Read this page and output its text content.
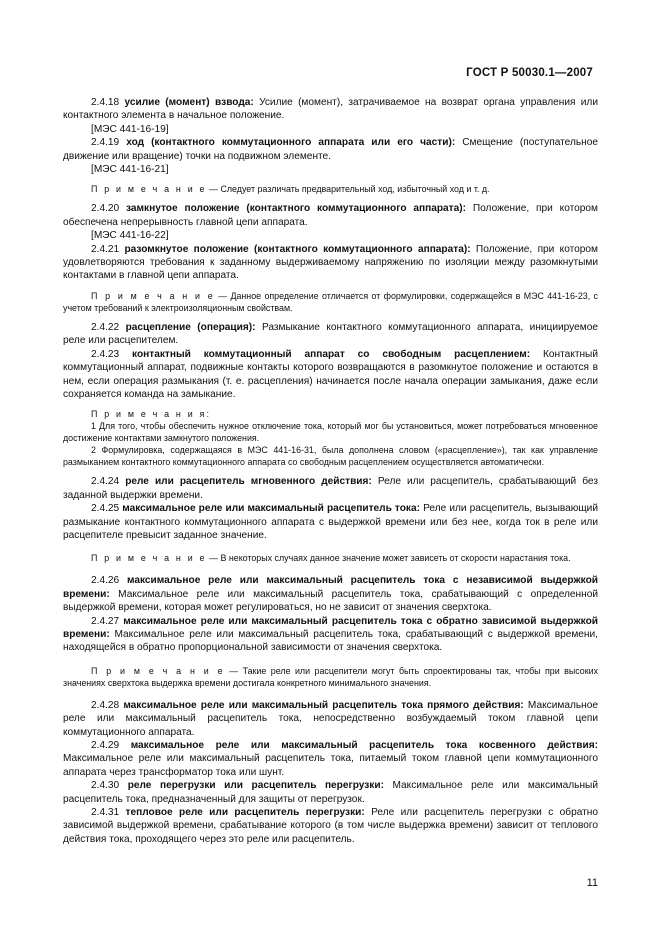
ГОСТ Р 50030.1—2007

2.4.18 усилие (момент) взвода: Усилие (момент), затрачиваемое на возврат органа управления или контактного элемента в начальное положение.

[МЭС 441-16-19]

2.4.19 ход (контактного коммутационного аппарата или его части): Смещение (поступательное движение или вращение) точки на подвижном элементе.

[МЭС 441-16-21]

П р и м е ч а н и е — Следует различать предварительный ход, избыточный ход и т. д.

2.4.20 замкнутое положение (контактного коммутационного аппарата): Положение, при котором обеспечена непрерывность главной цепи аппарата.

[МЭС 441-16-22]

2.4.21 разомкнутое положение (контактного коммутационного аппарата): Положение, при котором удовлетворяются требования к заданному выдерживаемому напряжению по изоляции между разомкнутыми контактами в главной цепи аппарата.

П р и м е ч а н и е — Данное определение отличается от формулировки, содержащейся в МЭС 441-16-23, с учетом требований к электроизоляционным свойствам.

2.4.22 расцепление (операция): Размыкание контактного коммутационного аппарата, инициируемое реле или расцепителем.

2.4.23 контактный коммутационный аппарат со свободным расцеплением: Контактный коммутационный аппарат, подвижные контакты которого возвращаются в разомкнутое положение и остаются в нем, если операция размыкания (т. е. расцепления) начинается после начала операции замыкания, даже если сохраняется команда на замыкание.

П р и м е ч а н и я:

1 Для того, чтобы обеспечить нужное отключение тока, который мог бы установиться, может потребоваться мгновенное достижение контактами замкнутого положения.

2 Формулировка, содержащаяся в МЭС 441-16-31, была дополнена словом («расцепление»), так как управление размыканием контактного коммутационного аппарата со свободным расцеплением осуществляется автоматически.

2.4.24 реле или расцепитель мгновенного действия: Реле или расцепитель, срабатывающий без заданной выдержки времени.

2.4.25 максимальное реле или максимальный расцепитель тока: Реле или расцепитель, вызывающий размыкание контактного коммутационного аппарата с выдержкой времени или без нее, когда ток в реле или расцепителе превысит заданное значение.

П р и м е ч а н и е — В некоторых случаях данное значение может зависеть от скорости нарастания тока.

2.4.26 максимальное реле или максимальный расцепитель тока с независимой выдержкой времени: Максимальное реле или максимальный расцепитель тока, срабатывающий с определенной выдержкой времени, которая может регулироваться, но не зависит от значения сверхтока.

2.4.27 максимальное реле или максимальный расцепитель тока с обратно зависимой выдержкой времени: Максимальное реле или максимальный расцепитель тока, срабатывающий с выдержкой времени, находящейся в обратно пропорциональной зависимости от значения сверхтока.

П р и м е ч а н и е — Такие реле или расцепители могут быть спроектированы так, чтобы при высоких значениях сверхтока выдержка времени достигала конкретного минимального значения.

2.4.28 максимальное реле или максимальный расцепитель тока прямого действия: Максимальное реле или максимальный расцепитель тока, непосредственно возбуждаемый током главной цепи коммутационного аппарата.

2.4.29 максимальное реле или максимальный расцепитель тока косвенного действия: Максимальное реле или максимальный расцепитель тока, питаемый током главной цепи коммутационного аппарата через трансформатор тока или шунт.

2.4.30 реле перегрузки или расцепитель перегрузки: Максимальное реле или максимальный расцепитель тока, предназначенный для защиты от перегрузок.

2.4.31 тепловое реле или расцепитель перегрузки: Реле или расцепитель перегрузки с обратно зависимой выдержкой времени, срабатывание которого (в том числе выдержка времени) зависит от теплового действия тока, проходящего через это реле или расцепитель.

11
